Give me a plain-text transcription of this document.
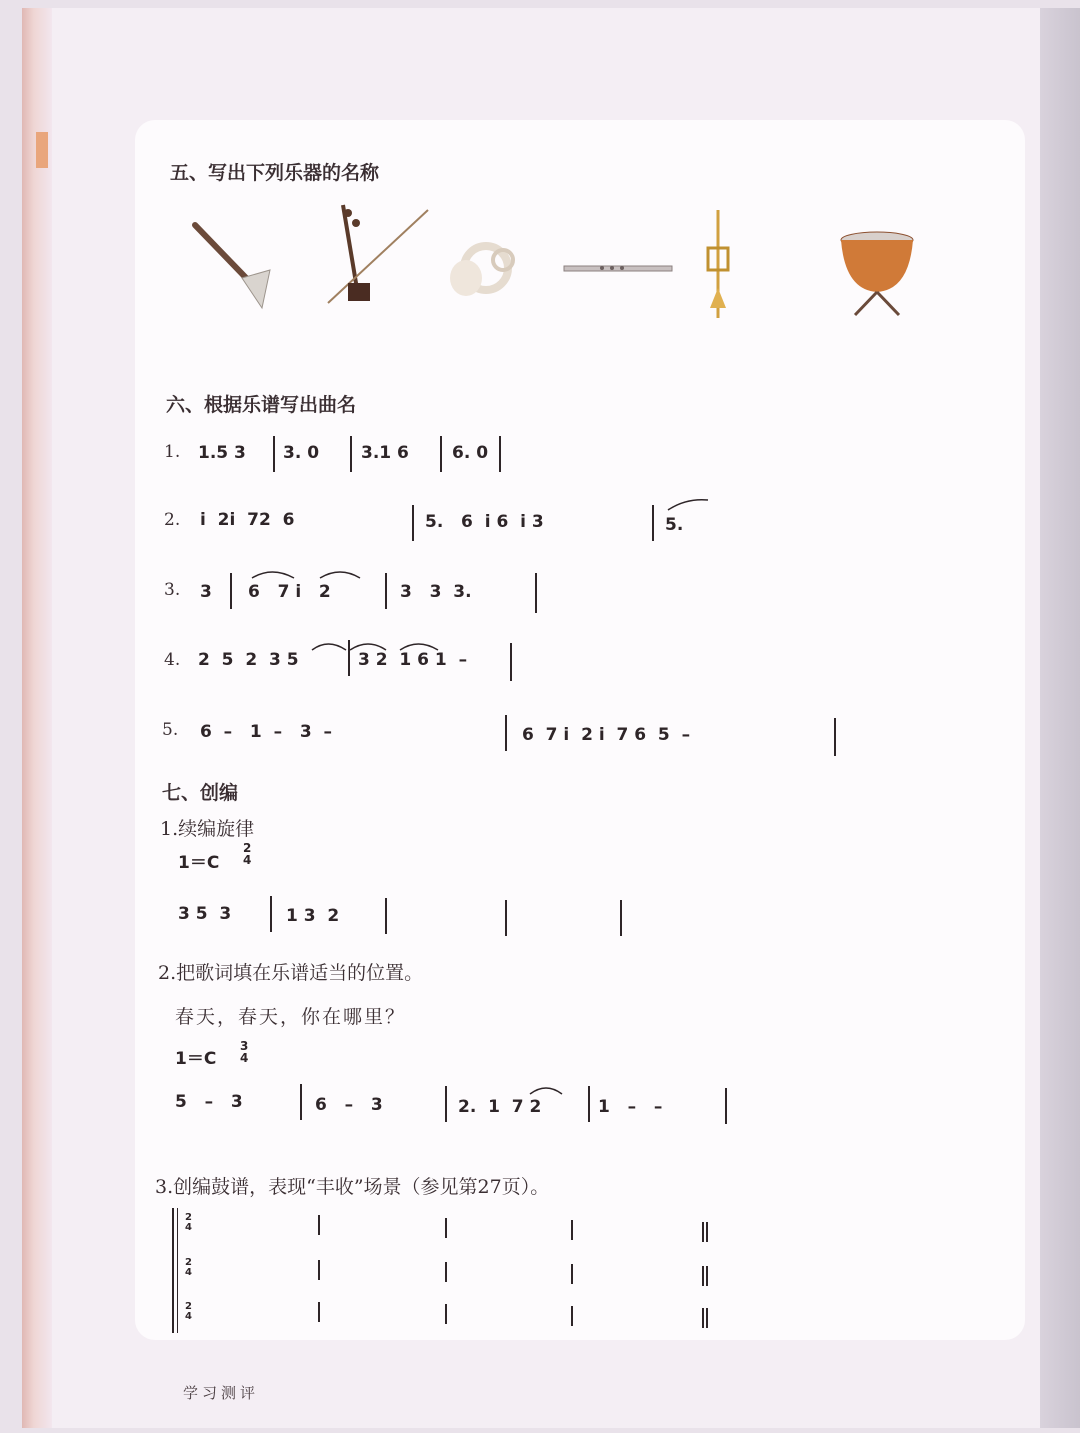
五、写出下列乐器的名称
六、根据乐谱写出曲名
1. 1.5 3 3. 0 3.1 6	6. 0
2. i  2i  72  6	5.   6  i 6  i 3	5.
3. 3 6   7 i   2	3   3  3.
4. 2  5  2  3 5	3 2  1 6 1  –
5. 6  –   1  –   3  –	6  7 i  2 i  7 6  5  –
七、创编
1.续编旋律
1＝C
2
4
3 5  3	1 3  2
2.把歌词填在乐谱适当的位置。
春天，春天，你在哪里？
1＝C
3
4
5   –   3	6   –   3	2.  1  7 2	1   –   –
3.创编鼓谱，表现“丰收”场景（参见第27页）。
2
4
2
4
2
4
学习测评
